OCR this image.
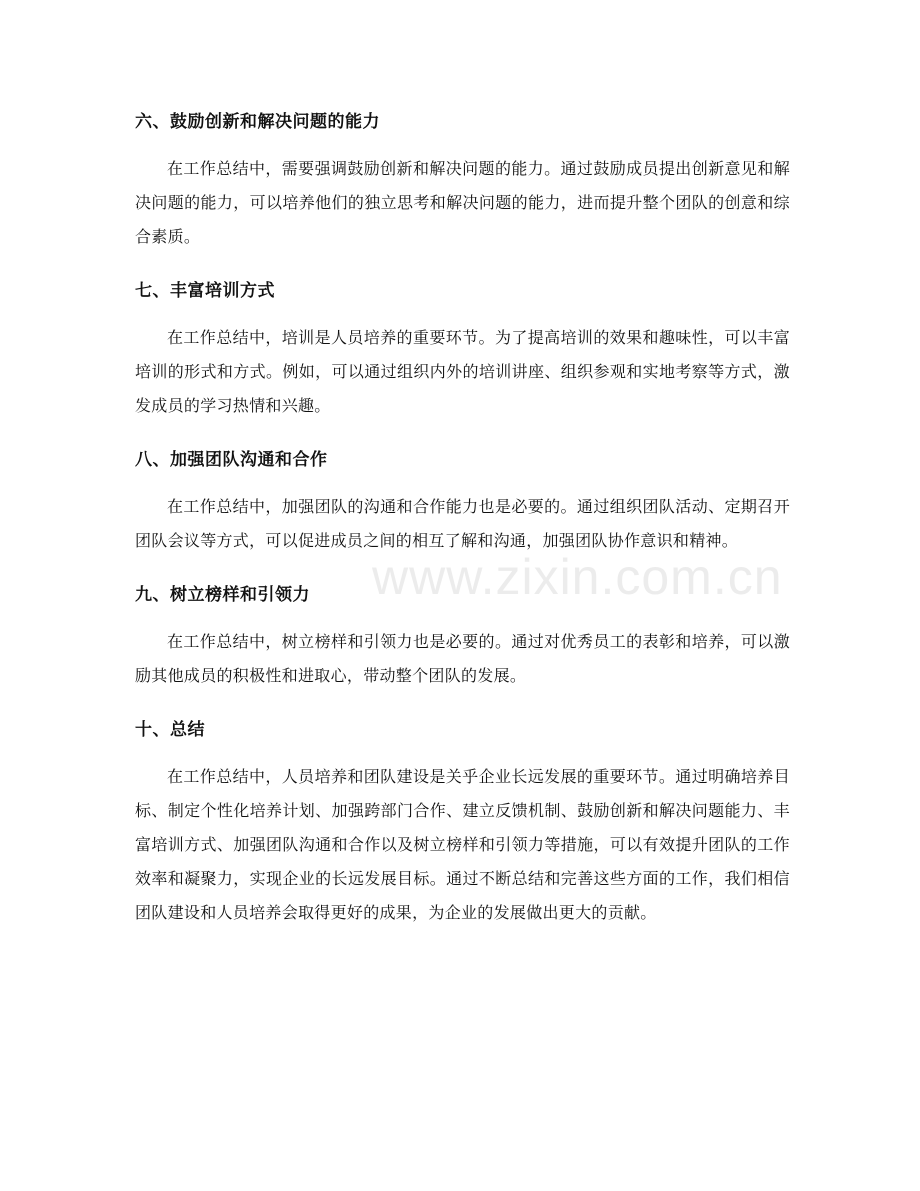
六、鼓励创新和解决问题的能力
在工作总结中，需要强调鼓励创新和解决问题的能力。通过鼓励成员提出创新意见和解决问题的能力，可以培养他们的独立思考和解决问题的能力，进而提升整个团队的创意和综合素质。
七、丰富培训方式
在工作总结中，培训是人员培养的重要环节。为了提高培训的效果和趣味性，可以丰富培训的形式和方式。例如，可以通过组织内外的培训讲座、组织参观和实地考察等方式，激发成员的学习热情和兴趣。
八、加强团队沟通和合作
在工作总结中，加强团队的沟通和合作能力也是必要的。通过组织团队活动、定期召开团队会议等方式，可以促进成员之间的相互了解和沟通，加强团队协作意识和精神。
九、树立榜样和引领力
在工作总结中，树立榜样和引领力也是必要的。通过对优秀员工的表彰和培养，可以激励其他成员的积极性和进取心，带动整个团队的发展。
十、总结
在工作总结中，人员培养和团队建设是关乎企业长远发展的重要环节。通过明确培养目标、制定个性化培养计划、加强跨部门合作、建立反馈机制、鼓励创新和解决问题能力、丰富培训方式、加强团队沟通和合作以及树立榜样和引领力等措施，可以有效提升团队的工作效率和凝聚力，实现企业的长远发展目标。通过不断总结和完善这些方面的工作，我们相信团队建设和人员培养会取得更好的成果，为企业的发展做出更大的贡献。
www.zixin.com.cn
